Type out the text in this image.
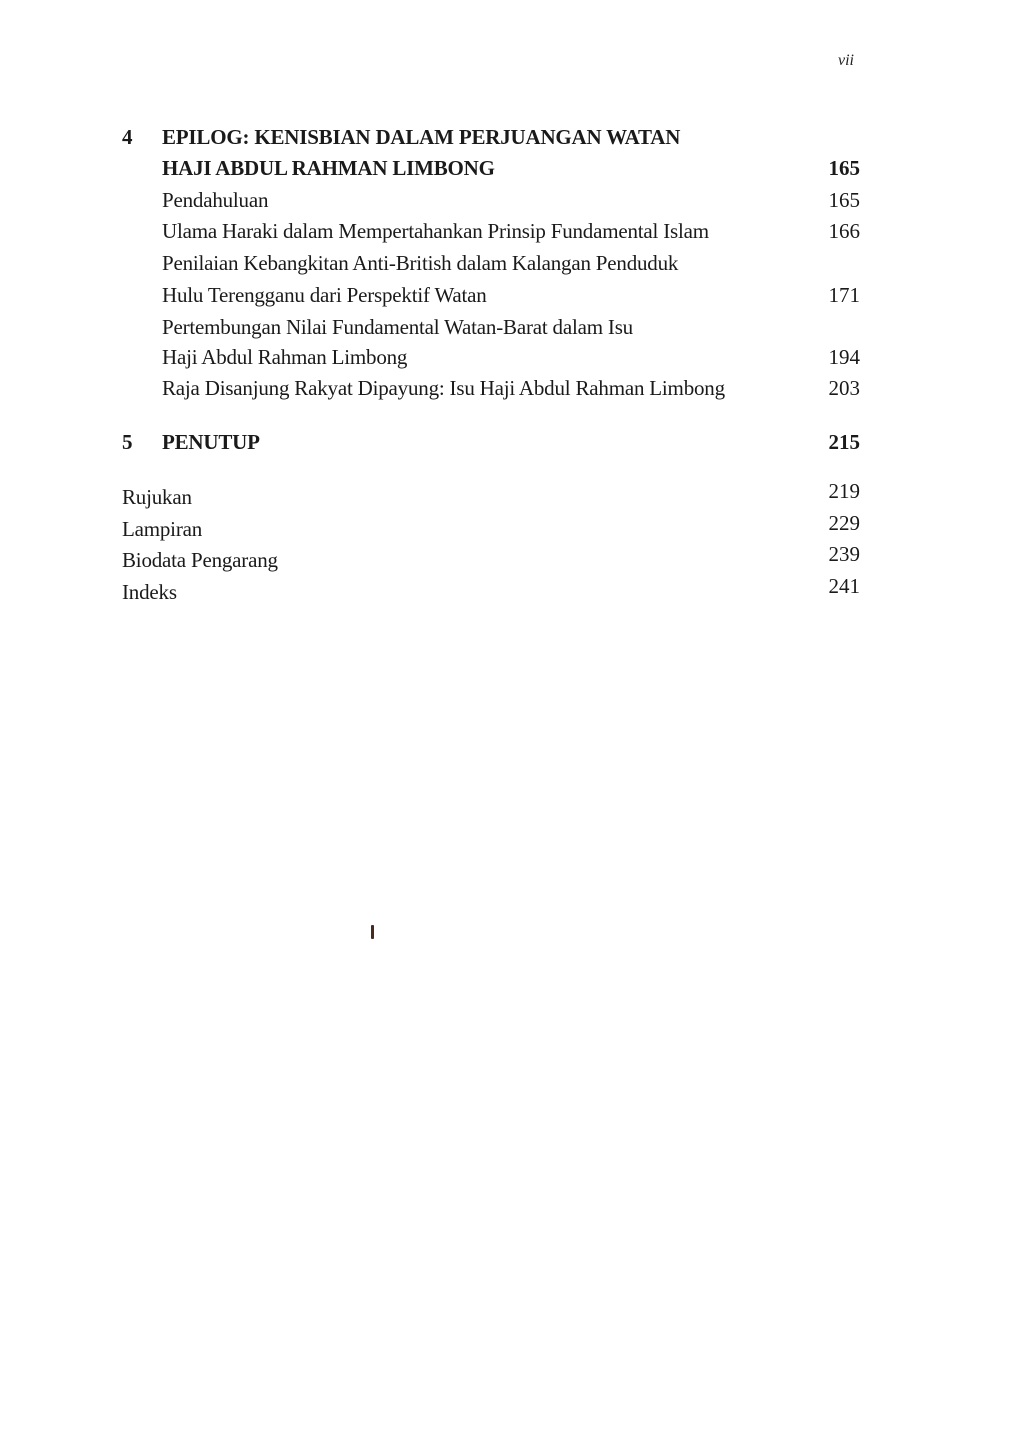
vii
4 EPILOG: KENISBIAN DALAM PERJUANGAN WATAN
HAJI ABDUL RAHMAN LIMBONG	165
Pendahuluan	165
Ulama Haraki dalam Mempertahankan Prinsip Fundamental Islam	166
Penilaian Kebangkitan Anti-British dalam Kalangan Penduduk
Hulu Terengganu dari Perspektif Watan	171
Pertembungan Nilai Fundamental Watan-Barat dalam Isu
Haji Abdul Rahman Limbong	194
Raja Disanjung Rakyat Dipayung: Isu Haji Abdul Rahman Limbong	203
5 PENUTUP	215
Rujukan	219
Lampiran	229
Biodata Pengarang	239
Indeks	241
